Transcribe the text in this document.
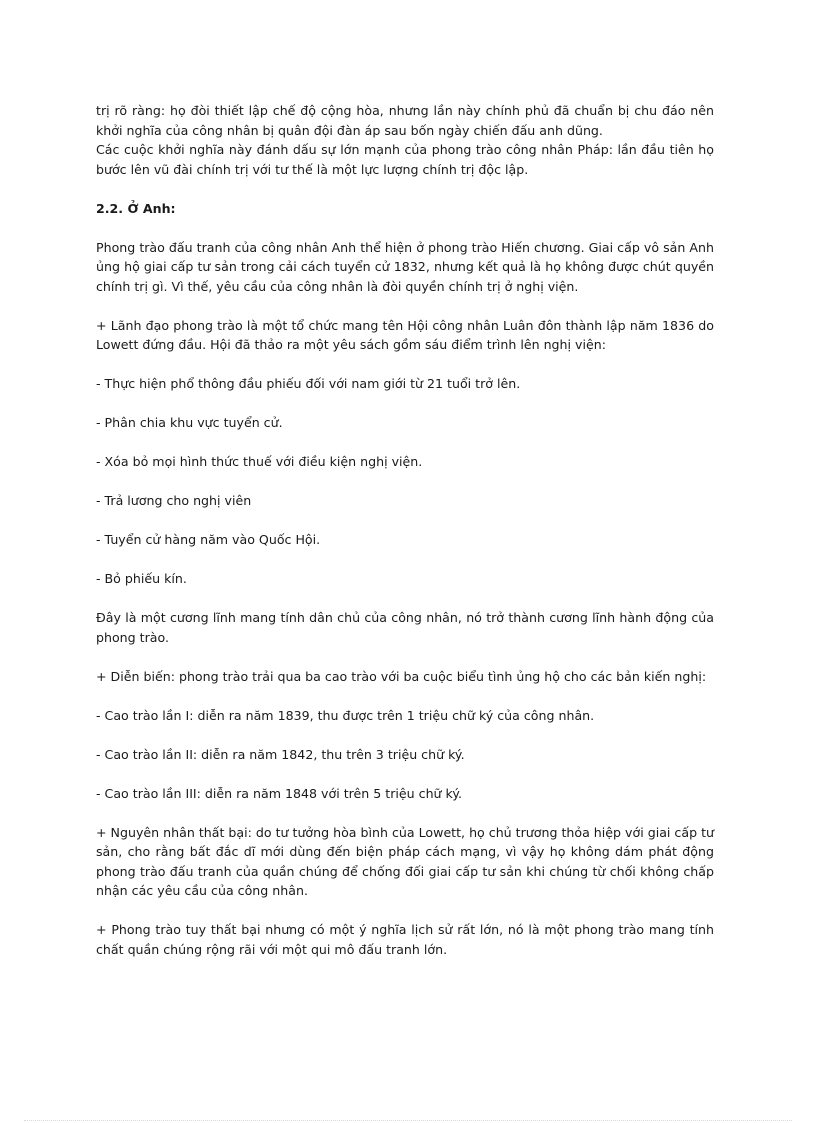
trị rõ ràng: họ đòi thiết lập chế độ cộng hòa, nhưng lần này chính phủ đã chuẩn bị chu đáo nên khởi nghĩa của công nhân bị quân đội đàn áp sau bốn ngày chiến đấu anh dũng.

Các cuộc khởi nghĩa này đánh dấu sự lớn mạnh của phong trào công nhân Pháp: lần đầu tiên họ bước lên vũ đài chính trị với tư thế là một lực lượng chính trị độc lập.

2.2. Ở Anh:

Phong trào đấu tranh của công nhân Anh thể hiện ở phong trào Hiến chương. Giai cấp vô sản Anh ủng hộ giai cấp tư sản trong cải cách tuyển cử 1832, nhưng kết quả là họ không được chút quyền chính trị gì. Vì thế, yêu cầu của công nhân là đòi quyền chính trị ở nghị viện.

+ Lãnh đạo phong trào là một tổ chức mang tên Hội công nhân Luân đôn thành lập năm 1836 do Lowett đứng đầu. Hội đã thảo ra một yêu sách gồm sáu điểm trình lên nghị viện:

- Thực hiện phổ thông đầu phiếu đối với nam giới từ 21 tuổi trở lên.

- Phân chia khu vực tuyển cử.

- Xóa bỏ mọi hình thức thuế với điều kiện nghị viện.

- Trả lương cho nghị viên

- Tuyển cử hàng năm vào Quốc Hội.

- Bỏ phiếu kín.

Đây là một cương lĩnh mang tính dân chủ của công nhân, nó trở thành cương lĩnh hành động của phong trào.

+ Diễn biến: phong trào trải qua ba cao trào với ba cuộc biểu tình ủng hộ cho các bản kiến nghị:

- Cao trào lần I: diễn ra năm 1839, thu được trên 1 triệu chữ ký của công nhân.

- Cao trào lần II: diễn ra năm 1842, thu trên 3 triệu chữ ký.

- Cao trào lần III: diễn ra năm 1848 với trên 5 triệu chữ ký.

+ Nguyên nhân thất bại: do tư tưởng hòa bình của Lowett, họ chủ trương thỏa hiệp với giai cấp tư sản, cho rằng bất đắc dĩ mới dùng đến biện pháp cách mạng, vì vậy họ không dám phát động phong trào đấu tranh của quần chúng để chống đối giai cấp tư sản khi chúng từ chối không chấp nhận các yêu cầu của công nhân.

+ Phong trào tuy thất bại nhưng có một ý nghĩa lịch sử rất lớn, nó là một phong trào mang tính chất quần chúng rộng rãi với một qui mô đấu tranh lớn.
